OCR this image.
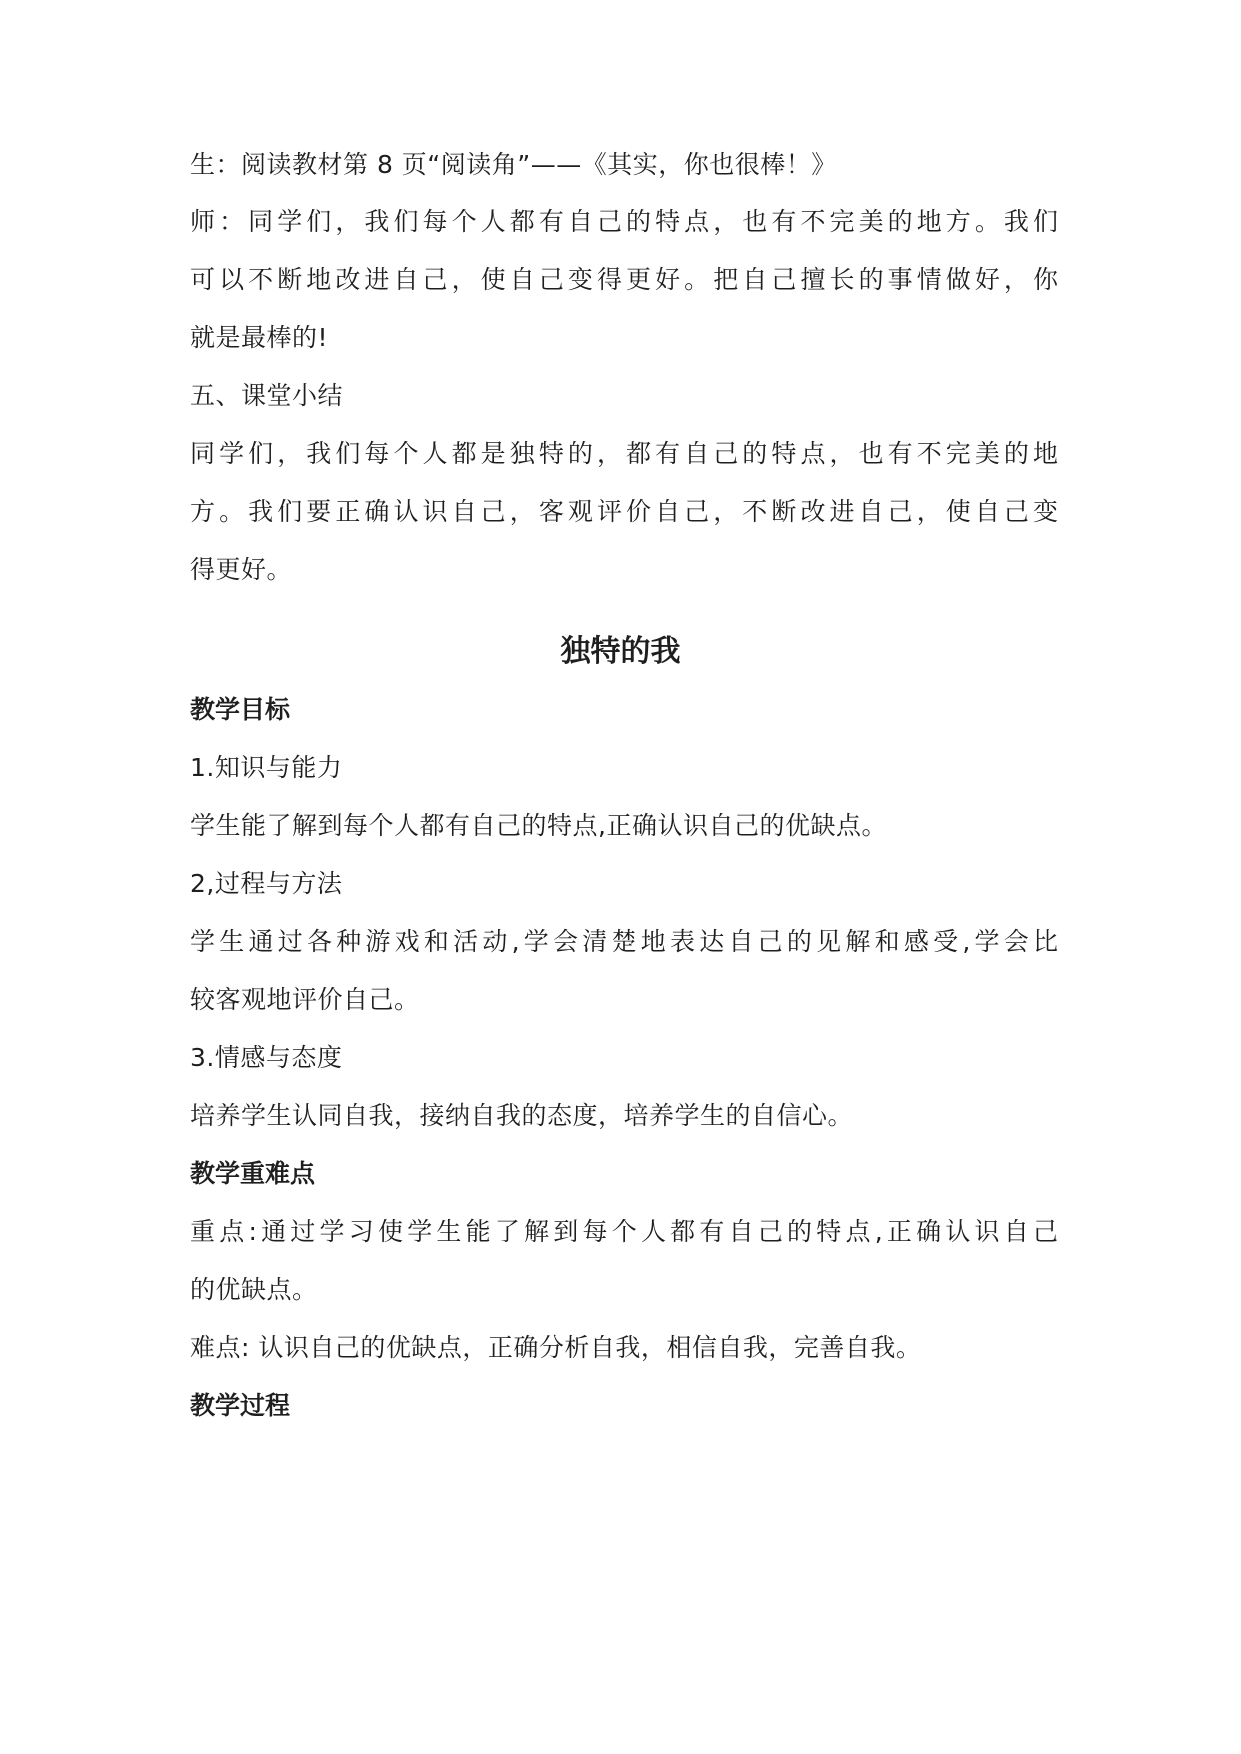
生：阅读教材第 8 页“阅读角”——《其实，你也很棒！》

师：同学们，我们每个人都有自己的特点，也有不完美的地方。我们

可以不断地改进自己，使自己变得更好。把自己擅长的事情做好，你

就是最棒的!

五、课堂小结

同学们，我们每个人都是独特的，都有自己的特点，也有不完美的地

方。我们要正确认识自己，客观评价自己，不断改进自己，使自己变

得更好。

独特的我

教学目标

1.知识与能力

学生能了解到每个人都有自己的特点,正确认识自己的优缺点。

2,过程与方法

学生通过各种游戏和活动,学会清楚地表达自己的见解和感受,学会比

较客观地评价自己。

3.情感与态度

培养学生认同自我，接纳自我的态度，培养学生的自信心。

教学重难点

重点:通过学习使学生能了解到每个人都有自己的特点,正确认识自己

的优缺点。

难点: 认识自己的优缺点，正确分析自我，相信自我，完善自我。

教学过程
